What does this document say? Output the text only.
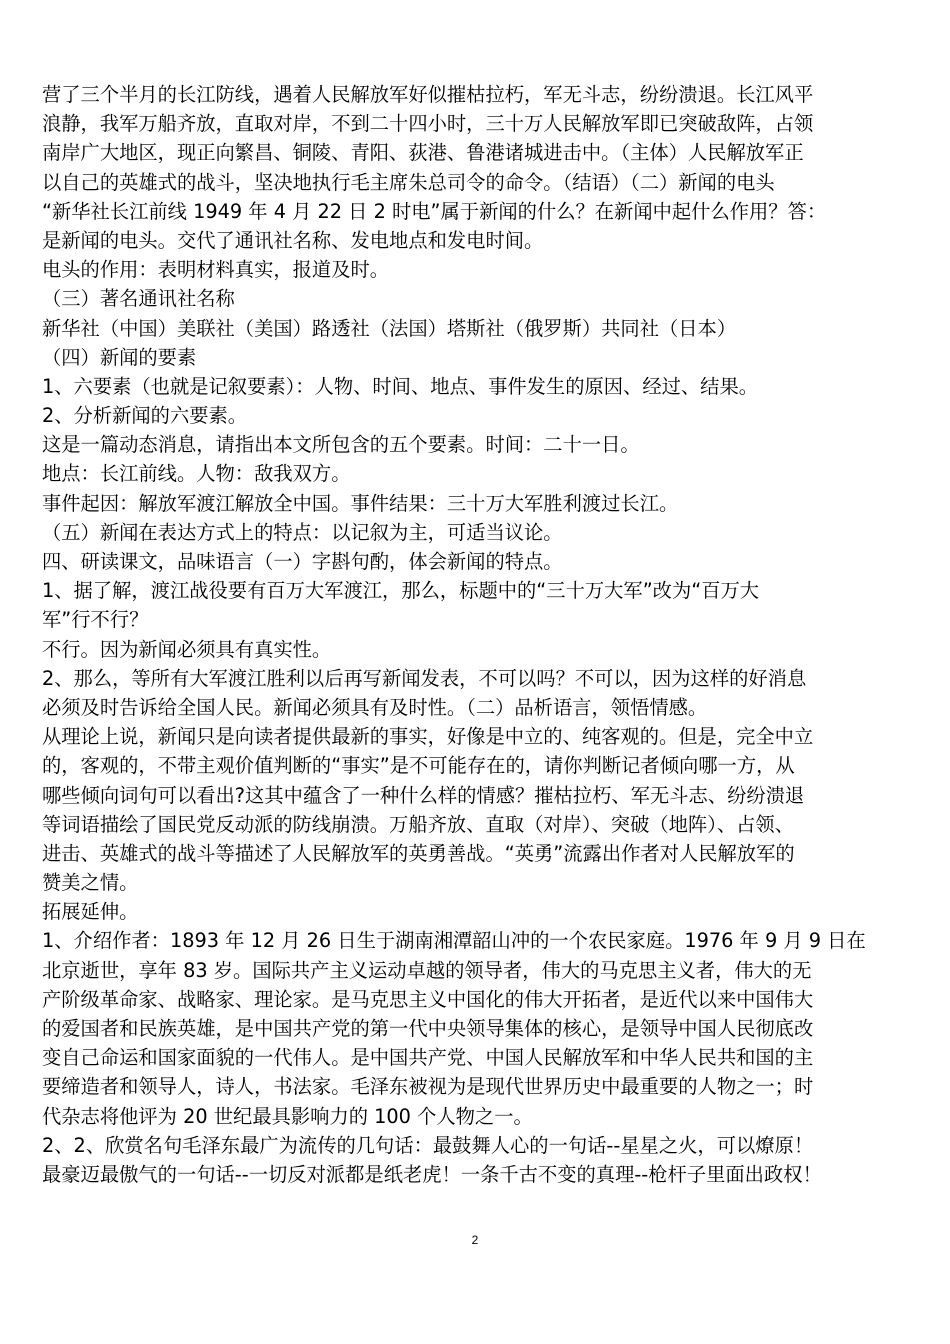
营了三个半月的长江防线，遇着人民解放军好似摧枯拉朽，军无斗志，纷纷溃退。长江风平
浪静，我军万船齐放，直取对岸，不到二十四小时，三十万人民解放军即已突破敌阵，占领
南岸广大地区，现正向繁昌、铜陵、青阳、荻港、鲁港诸城进击中。（主体）人民解放军正
以自己的英雄式的战斗，坚决地执行毛主席朱总司令的命令。（结语）（二）新闻的电头
“新华社长江前线 1949 年 4 月 22 日 2 时电”属于新闻的什么？在新闻中起什么作用？答：
是新闻的电头。交代了通讯社名称、发电地点和发电时间。
电头的作用：表明材料真实，报道及时。
（三）著名通讯社名称
新华社（中国）美联社（美国）路透社（法国）塔斯社（俄罗斯）共同社（日本）
（四）新闻的要素
1、六要素（也就是记叙要素）：人物、时间、地点、事件发生的原因、经过、结果。
2、分析新闻的六要素。
这是一篇动态消息，请指出本文所包含的五个要素。时间：二十一日。
地点：长江前线。人物：敌我双方。
事件起因：解放军渡江解放全中国。事件结果：三十万大军胜利渡过长江。
（五）新闻在表达方式上的特点：以记叙为主，可适当议论。
四、研读课文，品味语言（一）字斟句酌，体会新闻的特点。
1、据了解，渡江战役要有百万大军渡江，那么，标题中的“三十万大军”改为“百万大
军”行不行？
不行。因为新闻必须具有真实性。
2、那么，等所有大军渡江胜利以后再写新闻发表，不可以吗？不可以，因为这样的好消息
必须及时告诉给全国人民。新闻必须具有及时性。（二）品析语言，领悟情感。
从理论上说，新闻只是向读者提供最新的事实，好像是中立的、纯客观的。但是，完全中立
的，客观的，不带主观价值判断的“事实”是不可能存在的，请你判断记者倾向哪一方，从
哪些倾向词句可以看出?这其中蕴含了一种什么样的情感？摧枯拉朽、军无斗志、纷纷溃退
等词语描绘了国民党反动派的防线崩溃。万船齐放、直取（对岸）、突破（地阵）、占领、
进击、英雄式的战斗等描述了人民解放军的英勇善战。“英勇”流露出作者对人民解放军的
赞美之情。
拓展延伸。
1、介绍作者：1893 年 12 月 26 日生于湖南湘潭韶山冲的一个农民家庭。1976 年 9 月 9 日在
北京逝世，享年 83 岁。国际共产主义运动卓越的领导者，伟大的马克思主义者，伟大的无
产阶级革命家、战略家、理论家。是马克思主义中国化的伟大开拓者，是近代以来中国伟大
的爱国者和民族英雄，是中国共产党的第一代中央领导集体的核心，是领导中国人民彻底改
变自己命运和国家面貌的一代伟人。是中国共产党、中国人民解放军和中华人民共和国的主
要缔造者和领导人，诗人，书法家。毛泽东被视为是现代世界历史中最重要的人物之一；时
代杂志将他评为 20 世纪最具影响力的 100 个人物之一。
2、2、欣赏名句毛泽东最广为流传的几句话：最鼓舞人心的一句话--星星之火，可以燎原！
最豪迈最傲气的一句话--一切反对派都是纸老虎！一条千古不变的真理--枪杆子里面出政权！
2
